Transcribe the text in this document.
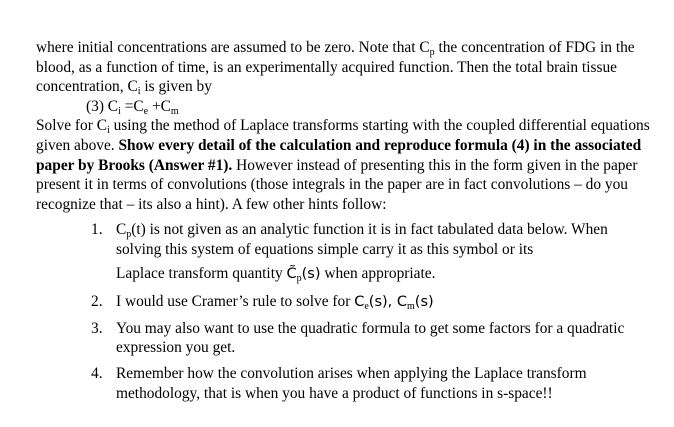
where initial concentrations are assumed to be zero. Note that $C_p$ the concentration of FDG in the blood, as a function of time, is an experimentally acquired function. Then the total brain tissue concentration, $C_i$ is given by

(3) $C_i =C_e +C_m$

Solve for $C_i$ using the method of Laplace transforms starting with the coupled differential equations given above. Show every detail of the calculation and reproduce formula (4) in the associated paper by Brooks (Answer #1). However instead of presenting this in the form given in the paper present it in terms of convolutions (those integrals in the paper are in fact convolutions – do you recognize that – its also a hint). A few other hints follow:

1. $C_p(t)$ is not given as an analytic function it is in fact tabulated data below. When solving this system of equations simple carry it as this symbol or its
Laplace transform quantity $C̃_p(s)$ when appropriate.
2. I would use Cramer’s rule to solve for $C_e(s)$, $C_m(s)$
3. You may also want to use the quadratic formula to get some factors for a quadratic expression you get.
4. Remember how the convolution arises when applying the Laplace transform methodology, that is when you have a product of functions in s-space!!
